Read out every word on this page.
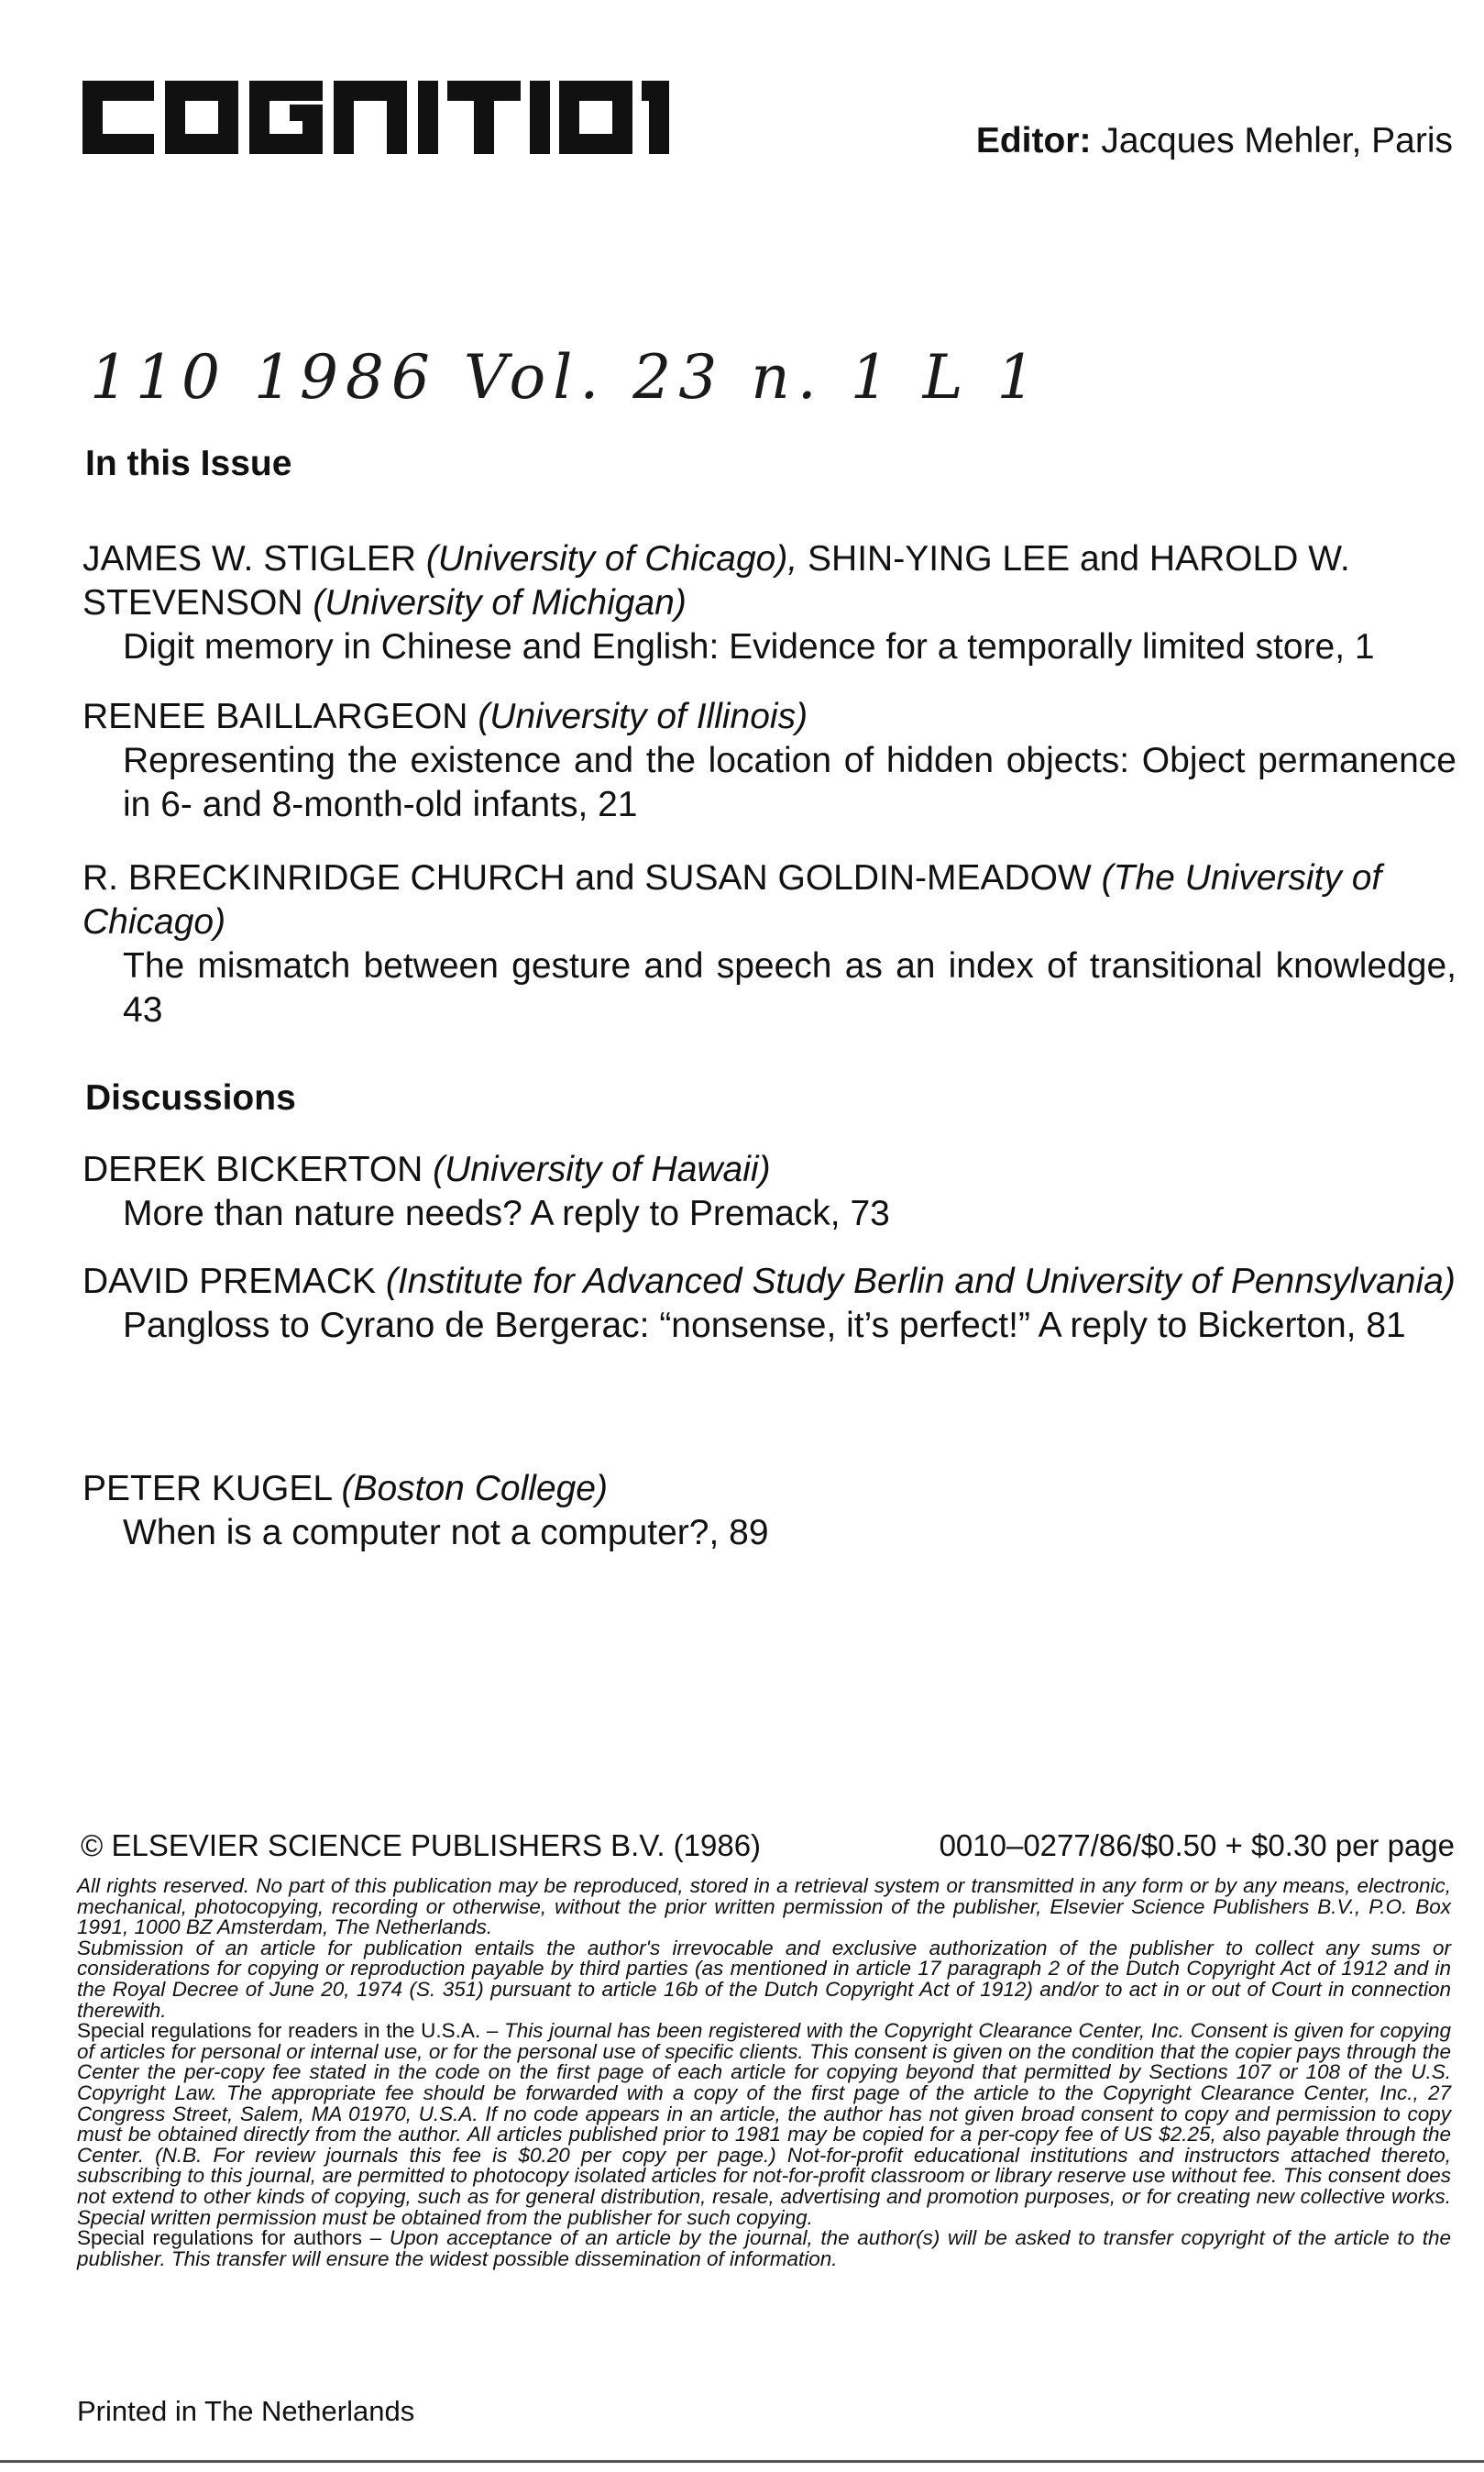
COGNITION
Editor: Jacques Mehler, Paris
110 1986 Vol. 23 n. 1 L 1
In this Issue
JAMES W. STIGLER (University of Chicago), SHIN-YING LEE and HAROLD W. STEVENSON (University of Michigan)
Digit memory in Chinese and English: Evidence for a temporally limited store, 1
RENEE BAILLARGEON (University of Illinois)
Representing the existence and the location of hidden objects: Object permanence in 6- and 8-month-old infants, 21
R. BRECKINRIDGE CHURCH and SUSAN GOLDIN-MEADOW (The University of Chicago)
The mismatch between gesture and speech as an index of transitional knowledge, 43
Discussions
DEREK BICKERTON (University of Hawaii)
More than nature needs? A reply to Premack, 73
DAVID PREMACK (Institute for Advanced Study Berlin and University of Pennsylvania)
Pangloss to Cyrano de Bergerac: “nonsense, it’s perfect!” A reply to Bickerton, 81
PETER KUGEL (Boston College)
When is a computer not a computer?, 89
© ELSEVIER SCIENCE PUBLISHERS B.V. (1986)	0010–0277/86/$0.50 + $0.30 per page

All rights reserved. No part of this publication may be reproduced, stored in a retrieval system or transmitted in any form or by any means, electronic, mechanical, photocopying, recording or otherwise, without the prior written permission of the publisher, Elsevier Science Publishers B.V., P.O. Box 1991, 1000 BZ Amsterdam, The Netherlands.

Submission of an article for publication entails the author's irrevocable and exclusive authorization of the publisher to collect any sums or considerations for copying or reproduction payable by third parties (as mentioned in article 17 paragraph 2 of the Dutch Copyright Act of 1912 and in the Royal Decree of June 20, 1974 (S. 351) pursuant to article 16b of the Dutch Copyright Act of 1912) and/or to act in or out of Court in connection therewith.

Special regulations for readers in the U.S.A. – This journal has been registered with the Copyright Clearance Center, Inc. Consent is given for copying of articles for personal or internal use, or for the personal use of specific clients. This consent is given on the condition that the copier pays through the Center the per-copy fee stated in the code on the first page of each article for copying beyond that permitted by Sections 107 or 108 of the U.S. Copyright Law. The appropriate fee should be forwarded with a copy of the first page of the article to the Copyright Clearance Center, Inc., 27 Congress Street, Salem, MA 01970, U.S.A. If no code appears in an article, the author has not given broad consent to copy and permission to copy must be obtained directly from the author. All articles published prior to 1981 may be copied for a per-copy fee of US $2.25, also payable through the Center. (N.B. For review journals this fee is $0.20 per copy per page.) Not-for-profit educational institutions and instructors attached thereto, subscribing to this journal, are permitted to photocopy isolated articles for not-for-profit classroom or library reserve use without fee. This consent does not extend to other kinds of copying, such as for general distribution, resale, advertising and promotion purposes, or for creating new collective works. Special written permission must be obtained from the publisher for such copying.

Special regulations for authors – Upon acceptance of an article by the journal, the author(s) will be asked to transfer copyright of the article to the publisher. This transfer will ensure the widest possible dissemination of information.

Printed in The Netherlands
